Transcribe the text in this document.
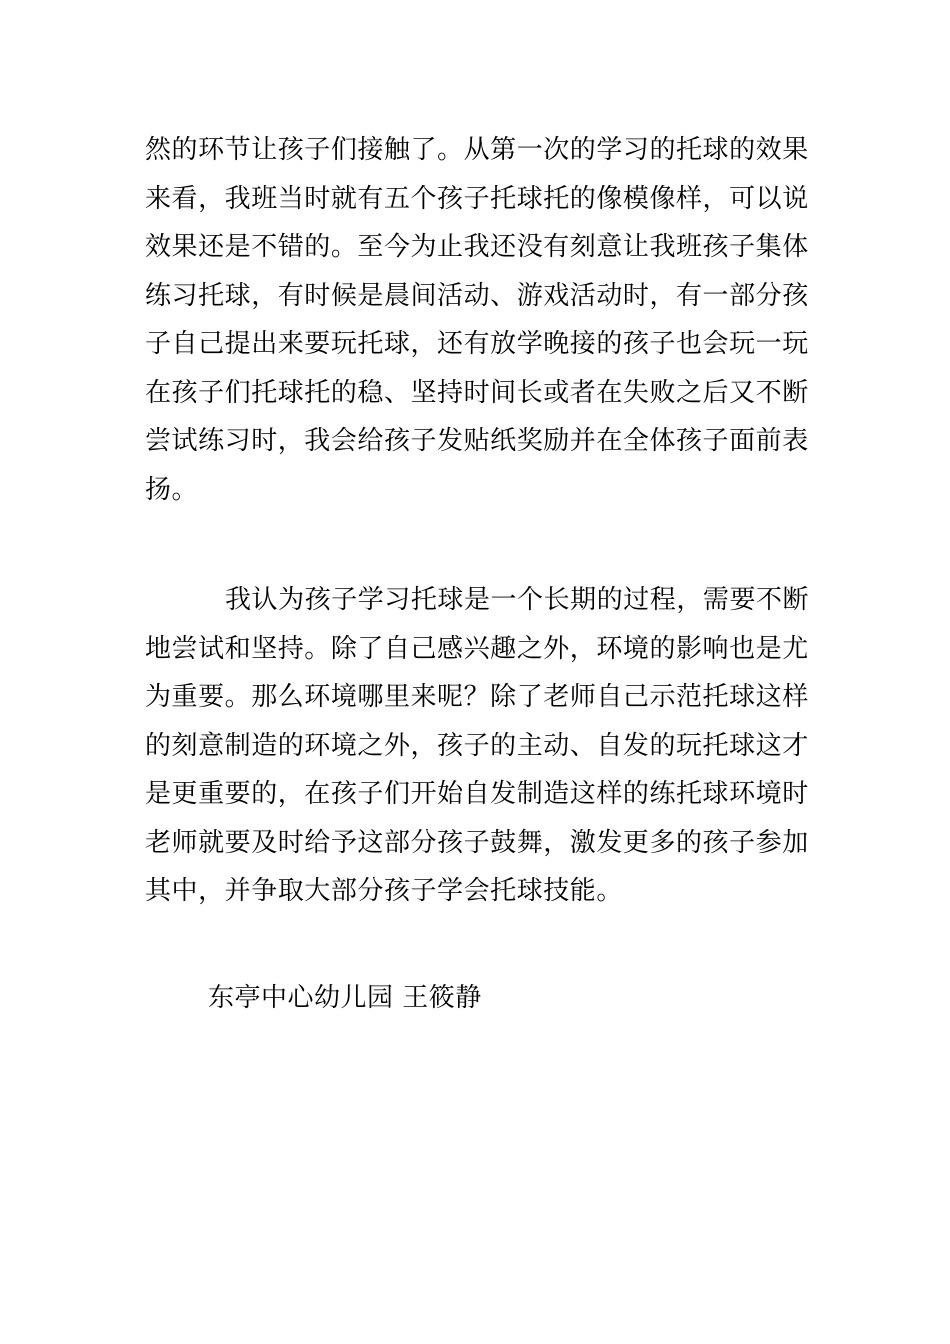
然的环节让孩子们接触了。从第一次的学习的托球的效果
来看，我班当时就有五个孩子托球托的像模像样，可以说
效果还是不错的。至今为止我还没有刻意让我班孩子集体
练习托球，有时候是晨间活动、游戏活动时，有一部分孩
子自己提出来要玩托球，还有放学晚接的孩子也会玩一玩
在孩子们托球托的稳、坚持时间长或者在失败之后又不断
尝试练习时，我会给孩子发贴纸奖励并在全体孩子面前表
扬。
我认为孩子学习托球是一个长期的过程，需要不断
地尝试和坚持。除了自己感兴趣之外，环境的影响也是尤
为重要。那么环境哪里来呢？除了老师自己示范托球这样
的刻意制造的环境之外，孩子的主动、自发的玩托球这才
是更重要的，在孩子们开始自发制造这样的练托球环境时
老师就要及时给予这部分孩子鼓舞，激发更多的孩子参加
其中，并争取大部分孩子学会托球技能。
东亭中心幼儿园 王筱静
